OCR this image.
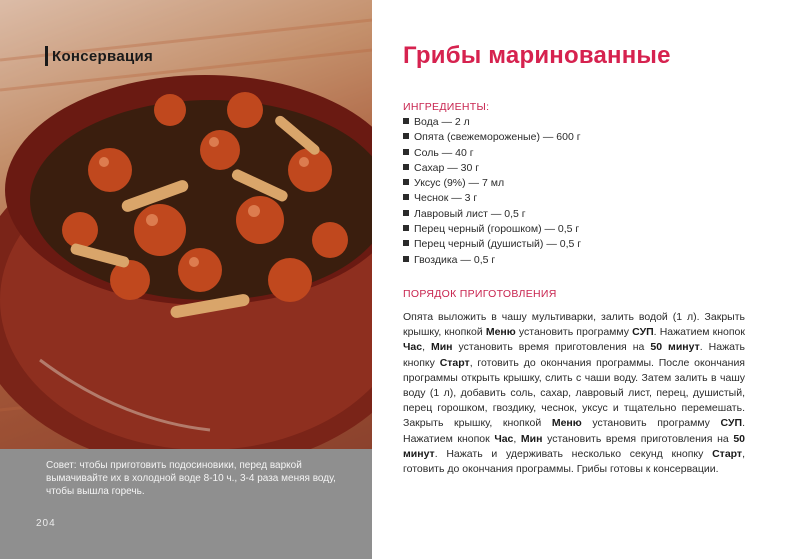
Консервация

Совет: чтобы приготовить подосиновики, перед варкой вымачивайте их в холодной воде 8-10 ч., 3-4 раза меняя воду, чтобы вышла горечь.

204
Грибы маринованные

ИНГРЕДИЕНТЫ:

Вода — 2 л
Опята (свежемороженые) — 600 г
Соль — 40 г
Сахар — 30 г
Уксус (9%) — 7 мл
Чеснок — 3 г
Лавровый лист — 0,5 г
Перец черный (горошком) — 0,5 г
Перец черный (душистый) — 0,5 г
Гвоздика — 0,5 г

ПОРЯДОК ПРИГОТОВЛЕНИЯ

Опята выложить в чашу мультиварки, залить водой (1 л). Закрыть крышку, кнопкой Меню установить программу СУП. Нажатием кнопок Час, Мин установить время приготовления на 50 минут. Нажать кнопку Старт, готовить до окончания программы. После окончания программы открыть крышку, слить с чаши воду. Затем залить в чашу воду (1 л), добавить соль, сахар, лавровый лист, перец, душистый, перец горошком, гвоздику, чеснок, уксус и тщательно перемешать. Закрыть крышку, кнопкой Меню установить программу СУП. Нажатием кнопок Час, Мин установить время приготовления на 50 минут. Нажать и удерживать несколько секунд кнопку Старт, готовить до окончания программы. Грибы готовы к консервации.
